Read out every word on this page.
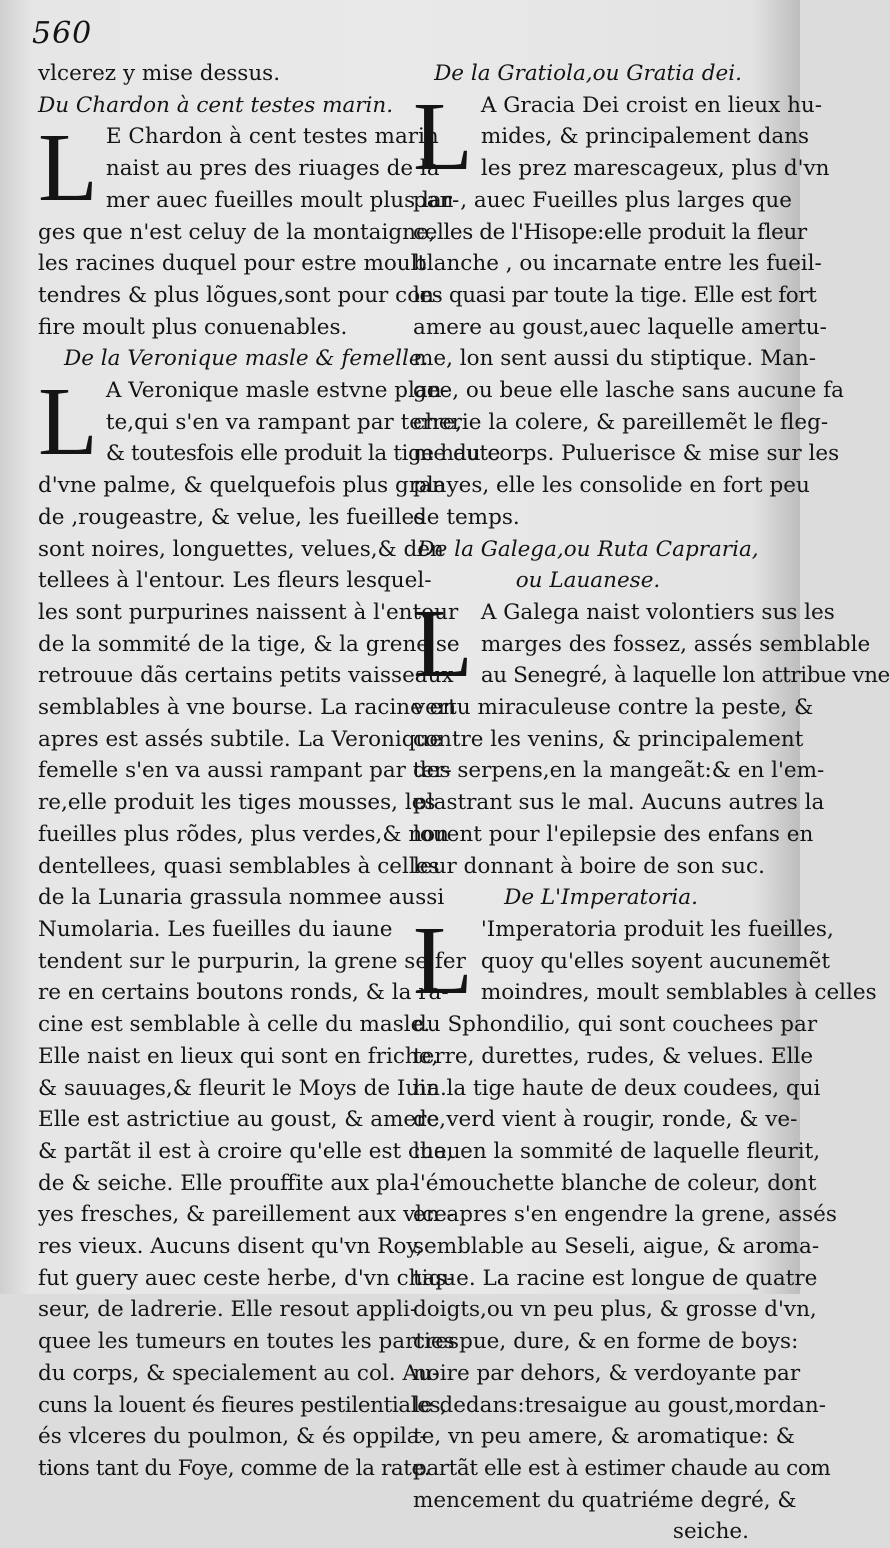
560
vlcerez y mise dessus.
Du Chardon à cent testes marin.
L E Chardon à cent testes marin
naist au pres des riuages de la
mer auec fueilles moult plus lar-
ges que n'est celuy de la montaigne,
les racines duquel pour estre moult
tendres & plus lõgues,sont pour con-
fire moult plus conuenables.
De la Veronique masle & femelle.
L A Veronique masle estvne plan-
te,qui s'en va rampant par terre,
& toutesfois elle produit la tige haute
d'vne palme, & quelquefois plus gran
de ,rougeastre, & velue, les fueilles
sont noires, longuettes, velues,& den
tellees à l'entour. Les fleurs lesquel-
les sont purpurines naissent à l'entour
de la sommité de la tige, & la grene se
retrouue dãs certains petits vaisseaux
semblables à vne bourse. La racine en
apres est assés subtile. La Veronique
femelle s'en va aussi rampant par ter-
re,elle produit les tiges mousses, les
fueilles plus rõdes, plus verdes,& non
dentellees, quasi semblables à celles
de la Lunaria grassula nommee aussi
Numolaria. Les fueilles du iaune
tendent sur le purpurin, la grene se fer
re en certains boutons ronds, & la ra-
cine est semblable à celle du masle.
Elle naist en lieux qui sont en friche,
& sauuages,& fleurit le Moys de Iuin.
Elle est astrictiue au goust, & amere,
& partãt il est à croire qu'elle est chau
de & seiche. Elle prouffite aux pla-
yes fresches, & pareillement aux vlce-
res vieux. Aucuns disent qu'vn Roy,
fut guery auec ceste herbe, d'vn chas-
seur, de ladrerie. Elle resout appli-
quee les tumeurs en toutes les parties
du corps, & specialement au col. Au-
cuns la louent és fieures pestilentiales,
és vlceres du poulmon, & és oppila-
tions tant du Foye, comme de la rate.
De la Gratiola,ou Gratia dei.
L A Gracia Dei croist en lieux hu-
mides, & principalement dans
les prez marescageux, plus d'vn
pan , auec Fueilles plus larges que
celles de l'Hisope:elle produit la fleur
blanche , ou incarnate entre les fueil-
les quasi par toute la tige. Elle est fort
amere au goust,auec laquelle amertu-
me, lon sent aussi du stiptique. Man-
gee, ou beue elle lasche sans aucune fa
cherie la colere, & pareillemẽt le fleg-
me du corps. Pulueriscе & mise sur les
playes, elle les consolide en fort peu
de temps.
De la Galega,ou Ruta Capraria,
ou Lauanese.
L A Galega naist volontiers sus les
marges des fossez, assés semblable
au Senegré, à laquelle lon attribue vne
vertu miraculeuse contre la peste, &
contre les venins, & principalement
des serpens,en la mangeãt:& en l'em-
plastrant sus le mal. Aucuns autres la
louent pour l'epilepsie des enfans en
leur donnant à boire de son suc.
De L'Imperatoria.
L 'Imperatoria produit les fueilles,
quoy qu'elles soyent aucunemẽt
moindres, moult semblables à celles
du Sphondilio, qui sont couchees par
terre, durettes, rudes, & velues. Elle
ha la tige haute de deux coudees, qui
de verd vient à rougir, ronde, & ve-
lue, en la sommité de laquelle fleurit,
l'émouchette blanche de coleur, dont
en apres s'en engendre la grene, assés
semblable au Seseli, aigue, & aroma-
tique. La racine est longue de quatre
doigts,ou vn peu plus, & grosse d'vn,
crespue, dure, & en forme de boys:
noire par dehors, & verdoyante par
le dedans:tresaigue au goust,mordan-
te, vn peu amere, & aromatique: &
partãt elle est à estimer chaude au com
mencement du quatriéme degré, &
seiche.
